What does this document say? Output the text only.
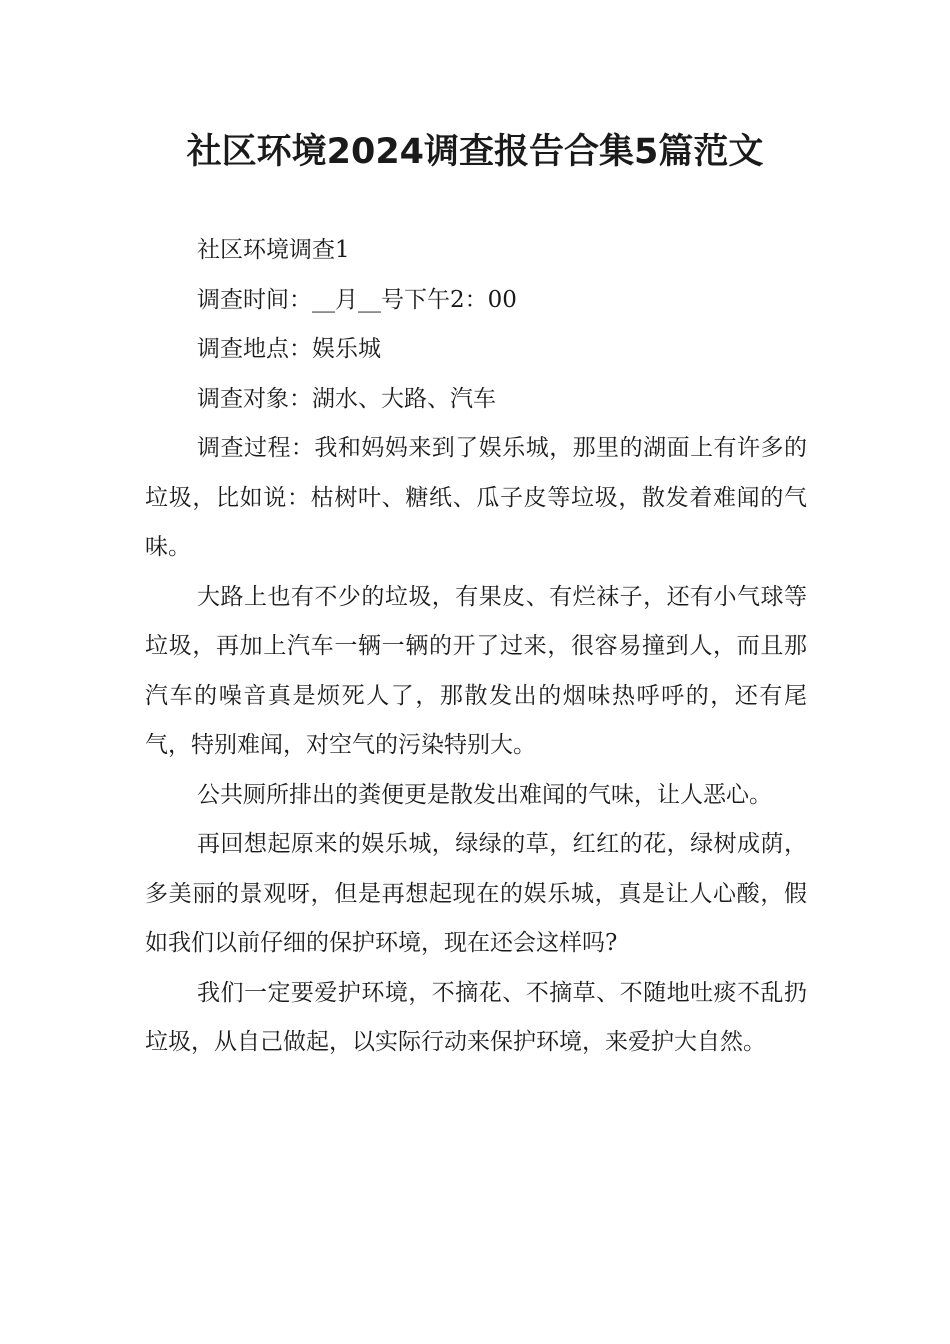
社区环境2024调查报告合集5篇范文

社区环境调查1

调查时间：__月__号下午2：00

调查地点：娱乐城

调查对象：湖水、大路、汽车

调查过程：我和妈妈来到了娱乐城，那里的湖面上有许多的垃圾，比如说：枯树叶、糖纸、瓜子皮等垃圾，散发着难闻的气味。

大路上也有不少的垃圾，有果皮、有烂袜子，还有小气球等垃圾，再加上汽车一辆一辆的开了过来，很容易撞到人，而且那汽车的噪音真是烦死人了，那散发出的烟味热呼呼的，还有尾气，特别难闻，对空气的污染特别大。

公共厕所排出的粪便更是散发出难闻的气味，让人恶心。

再回想起原来的娱乐城，绿绿的草，红红的花，绿树成荫，多美丽的景观呀，但是再想起现在的娱乐城，真是让人心酸，假如我们以前仔细的保护环境，现在还会这样吗?

我们一定要爱护环境，不摘花、不摘草、不随地吐痰不乱扔垃圾，从自己做起，以实际行动来保护环境，来爱护大自然。
